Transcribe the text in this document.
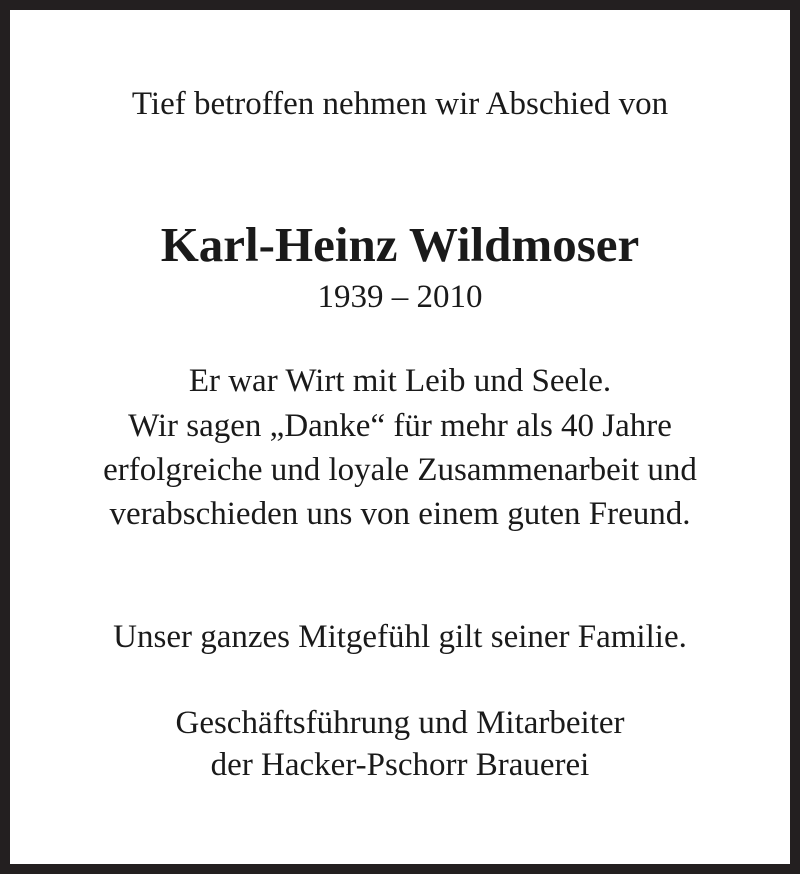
Tief betroffen nehmen wir Abschied von
Karl-Heinz Wildmoser
1939 – 2010
Er war Wirt mit Leib und Seele.
Wir sagen „Danke“ für mehr als 40 Jahre
erfolgreiche und loyale Zusammenarbeit und
verabschieden uns von einem guten Freund.
Unser ganzes Mitgefühl gilt seiner Familie.
Geschäftsführung und Mitarbeiter
der Hacker-Pschorr Brauerei
